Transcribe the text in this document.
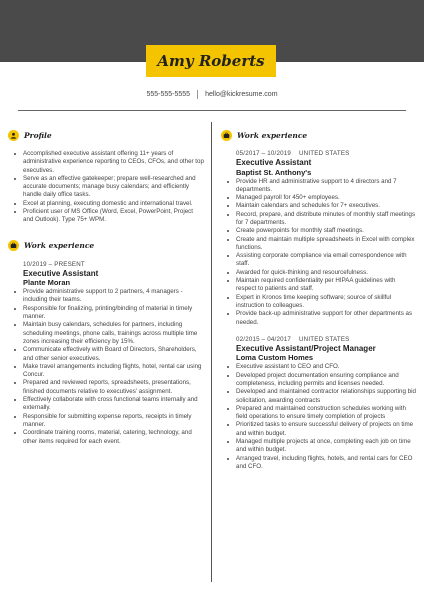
Amy Roberts
555-555-5555 hello@kickresume.com
Profile
Accomplished executive assistant offering 11+ years of administrative experience reporting to CEOs, CFOs, and other top executives.
Serve as an effective gatekeeper; prepare well-researched and accurate documents; manage busy calendars; and efficiently handle daily office tasks.
Excel at planning, executing domestic and international travel.
Proficient user of MS Office (Word, Excel, PowerPoint, Project and Outlook). Type 75+ WPM.
Work experience
10/2019 – PRESENT
Executive Assistant
Plante Moran
Provide administrative support to 2 partners, 4 managers - including their teams.
Responsible for finalizing, printing/binding of material in timely manner.
Maintain busy calendars, schedules for partners, including scheduling meetings, phone calls, trainings across multiple time zones increasing their efficiency by 15%.
Communicate effectively with Board of Directors, Shareholders, and other senior executives.
Make travel arrangements including flights, hotel, rental car using Concur.
Prepared and reviewed reports, spreadsheets, presentations, finished documents relative to executives' assignment.
Effectively collaborate with cross functional teams internally and externally.
Responsible for submitting expense reports, receipts in timely manner.
Coordinate training rooms, material, catering, technology, and other items required for each event.
Work experience
05/2017 – 10/2019 UNITED STATES
Executive Assistant
Baptist St. Anthony's
Provide HR and administrative support to 4 directors and 7 departments.
Managed payroll for 450+ employees.
Maintain calendars and schedules for 7+ executives.
Record, prepare, and distribute minutes of monthly staff meetings for 7 departments.
Create powerpoints for monthly staff meetings.
Create and maintain multiple spreadsheets in Excel with complex functions.
Assisting corporate compliance via email correspondence with staff.
Awarded for quick-thinking and resourcefulness.
Maintain required confidentiality per HIPAA guidelines with respect to patients and staff.
Expert in Kronos time keeping software; source of skillful instruction to colleagues.
Provide back-up administrative support for other departments as needed.
02/2015 – 04/2017 UNITED STATES
Executive Assistant/Project Manager
Loma Custom Homes
Executive assistant to CEO and CFO.
Developed project documentation ensuring compliance and completeness, including permits and licenses needed.
Developed and maintained contractor relationships supporting bid solicitation, awarding contracts
Prepared and maintained construction schedules working with field operations to ensure timely completion of projects
Prioritized tasks to ensure successful delivery of projects on time and within budget.
Managed multiple projects at once, completing each job on time and within budget.
Arranged travel, including flights, hotels, and rental cars for CEO and CFO.
